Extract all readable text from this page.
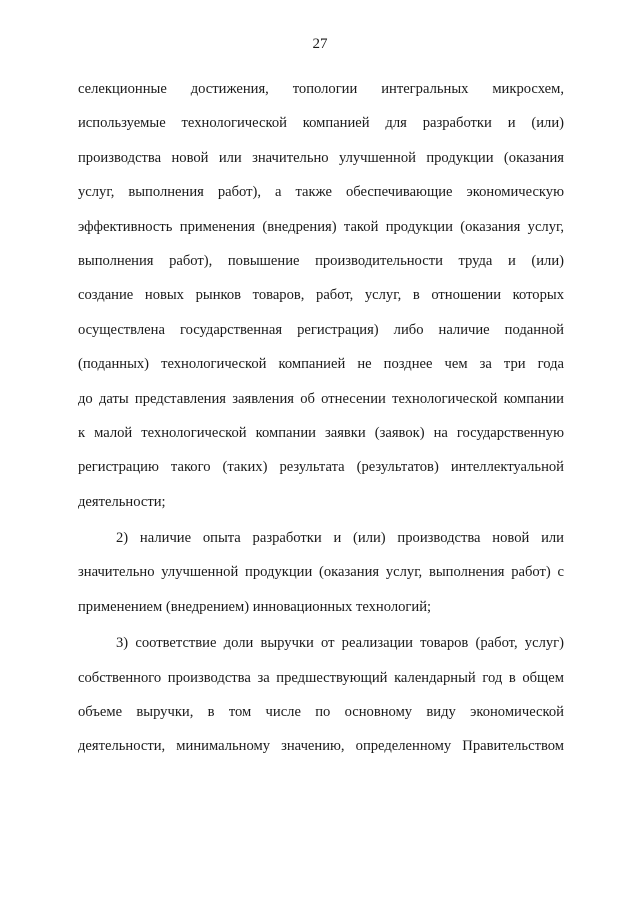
27
селекционные достижения, топологии интегральных микросхем,
используемые технологической компанией для разработки и (или)
производства новой или значительно улучшенной продукции (оказания
услуг, выполнения работ), а также обеспечивающие экономическую
эффективность применения (внедрения) такой продукции (оказания услуг,
выполнения работ), повышение производительности труда и (или)
создание новых рынков товаров, работ, услуг, в отношении которых
осуществлена государственная регистрация) либо наличие поданной
(поданных) технологической компанией не позднее чем за три года
до даты представления заявления об отнесении технологической компании
к малой технологической компании заявки (заявок) на государственную
регистрацию такого (таких) результата (результатов) интеллектуальной
деятельности;
2) наличие опыта разработки и (или) производства новой или
значительно улучшенной продукции (оказания услуг, выполнения работ) с
применением (внедрением) инновационных технологий;
3) соответствие доли выручки от реализации товаров (работ, услуг)
собственного производства за предшествующий календарный год в общем
объеме выручки, в том числе по основному виду экономической
деятельности, минимальному значению, определенному Правительством
